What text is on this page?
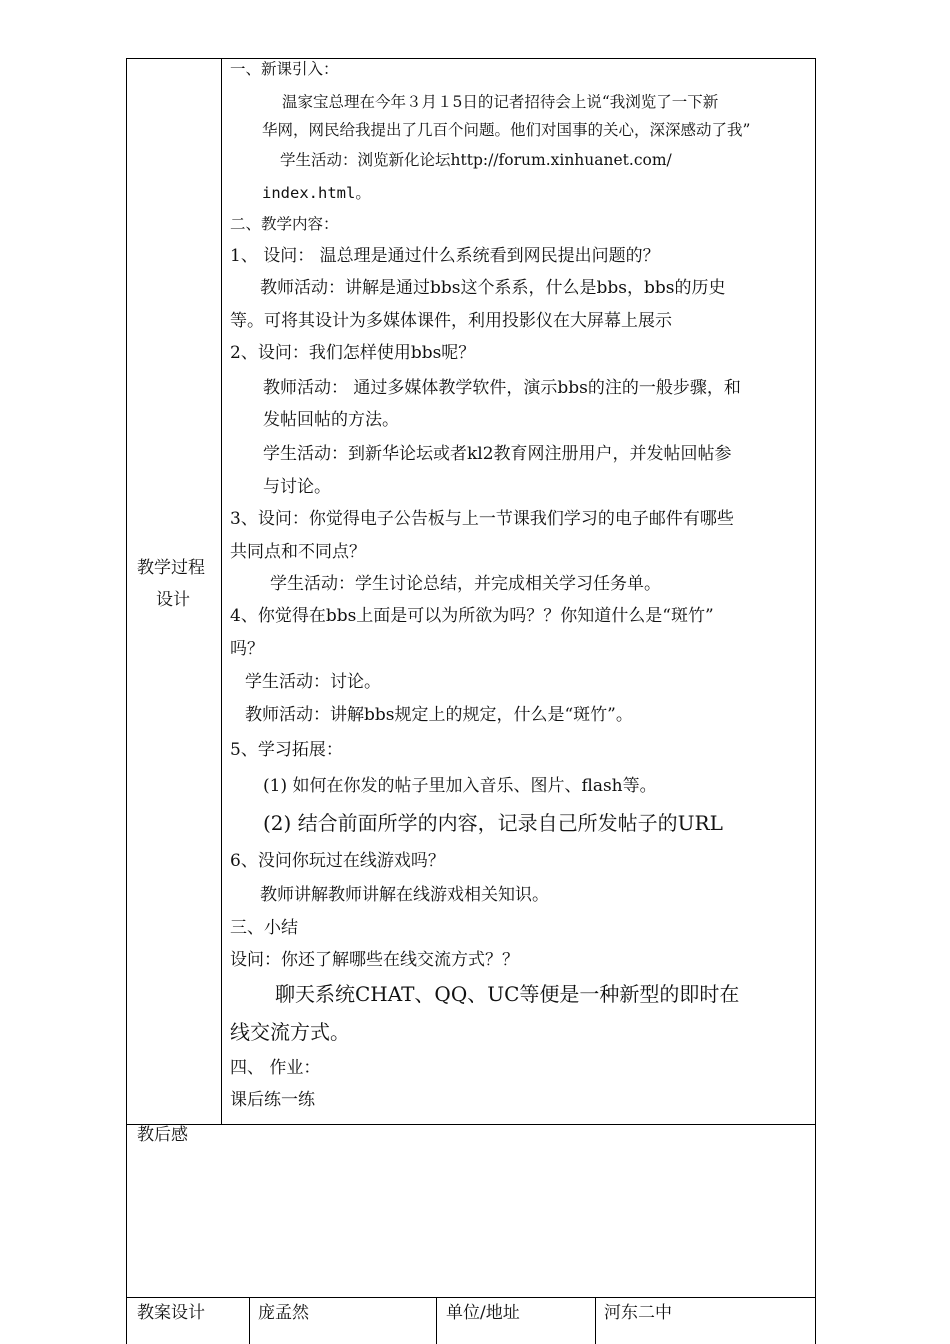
教学过程
设计
一、新课引入：
温家宝总理在今年３月１5日的记者招待会上说“我浏览了一下新
华网，网民给我提出了几百个问题。他们对国事的关心，深深感动了我”
学生活动：浏览新化论坛http://forum.xinhuanet.com/
index.html。
二、教学内容：
1、 设问： 温总理是通过什么系统看到网民提出问题的？
教师活动：讲解是通过bbs这个系系，什么是bbs，bbs的历史
等。可将其设计为多媒体课件，利用投影仪在大屏幕上展示
2、设问：我们怎样使用bbs呢？
教师活动： 通过多媒体教学软件，演示bbs的注的一般步骤，和
发帖回帖的方法。
学生活动：到新华论坛或者kl2教育网注册用户，并发帖回帖参
与讨论。
3、设问：你觉得电子公告板与上一节课我们学习的电子邮件有哪些
共同点和不同点？
学生活动：学生讨论总结，并完成相关学习任务单。
4、你觉得在bbs上面是可以为所欲为吗？？你知道什么是“斑竹”
吗？
学生活动：讨论。
教师活动：讲解bbs规定上的规定，什么是“斑竹”。
5、学习拓展：
(1) 如何在你发的帖子里加入音乐、图片、flash等。
(2) 结合前面所学的内容，记录自己所发帖子的URL
6、没问你玩过在线游戏吗？
教师讲解教师讲解在线游戏相关知识。
三、小结
设问：你还了解哪些在线交流方式？？
聊天系统CHAT、QQ、UC等便是一种新型的即时在
线交流方式。
四、 作业：
课后练一练
教后感
教案设计	庞孟然	单位/地址	河东二中
